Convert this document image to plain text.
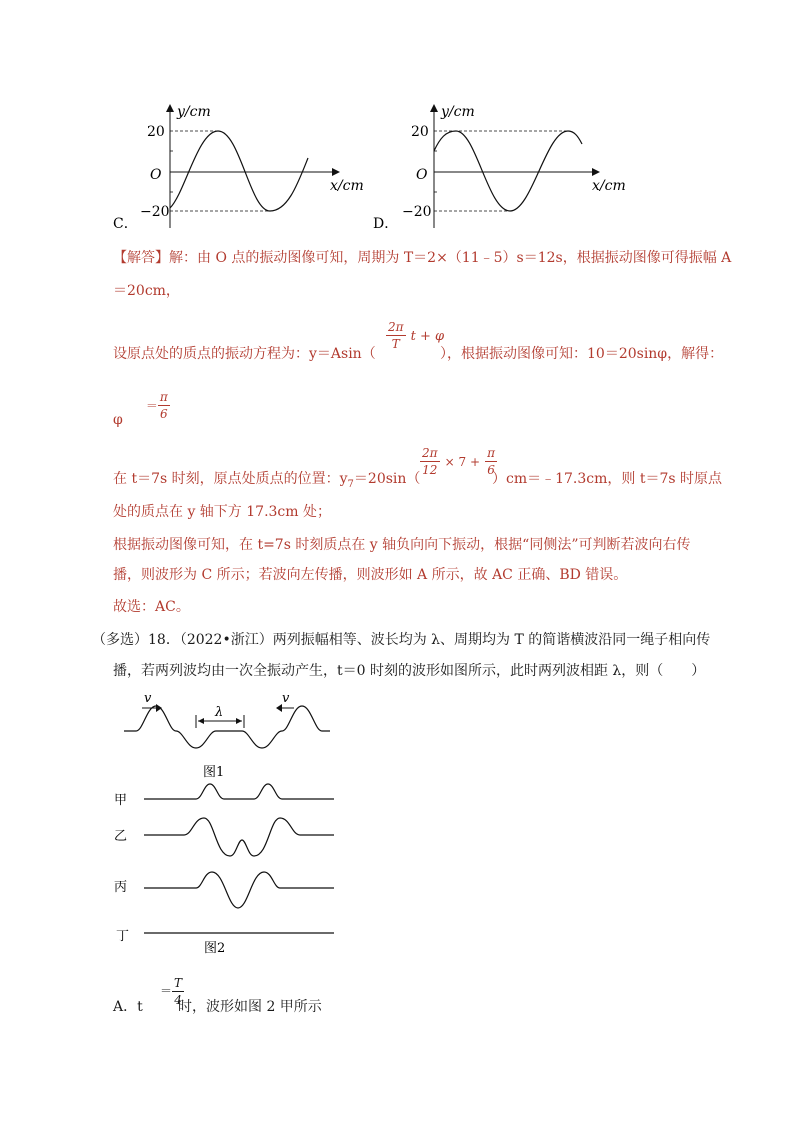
y/cm
20
O
−20
x/cm
C．
y/cm
20
O
−20
x/cm
D．
【解答】解：由 O 点的振动图像可知，周期为 T＝2×（11﹣5）s＝12s，根据振动图像可得振幅 A
＝20cm，
设原点处的质点的振动方程为：y＝Asin（
$\frac{2\pi}{T}$ t + φ
），根据振动图像可知：10＝20sinφ，解得：
$\varphi = \frac{\pi}{6}$
在 t＝7s 时刻，原点处质点的位置：$y_7=20\sin$（
$\frac{2\pi}{12} \times 7 + \frac{\pi}{6}$
）cm＝﹣17.3cm，则 t＝7s 时原点
处的质点在 y 轴下方 17.3cm 处；
根据振动图像可知，在 t=7s 时刻质点在 y 轴负向向下振动，根据“同侧法”可判断若波向右传
播，则波形为 C 所示；若波向左传播，则波形如 A 所示，故 AC 正确、BD 错误。
故选：AC。
（多选）18．（2022•浙江）两列振幅相等、波长均为 λ、周期均为 T 的简谐横波沿同一绳子相向传
播，若两列波均由一次全振动产生，t＝0 时刻的波形如图所示，此时两列波相距 λ，则（　　）
v	v
λ
图1
甲
乙
丙
丁
图2
A．t
＝ $\frac{T}{4}$
时，波形如图 2 甲所示
